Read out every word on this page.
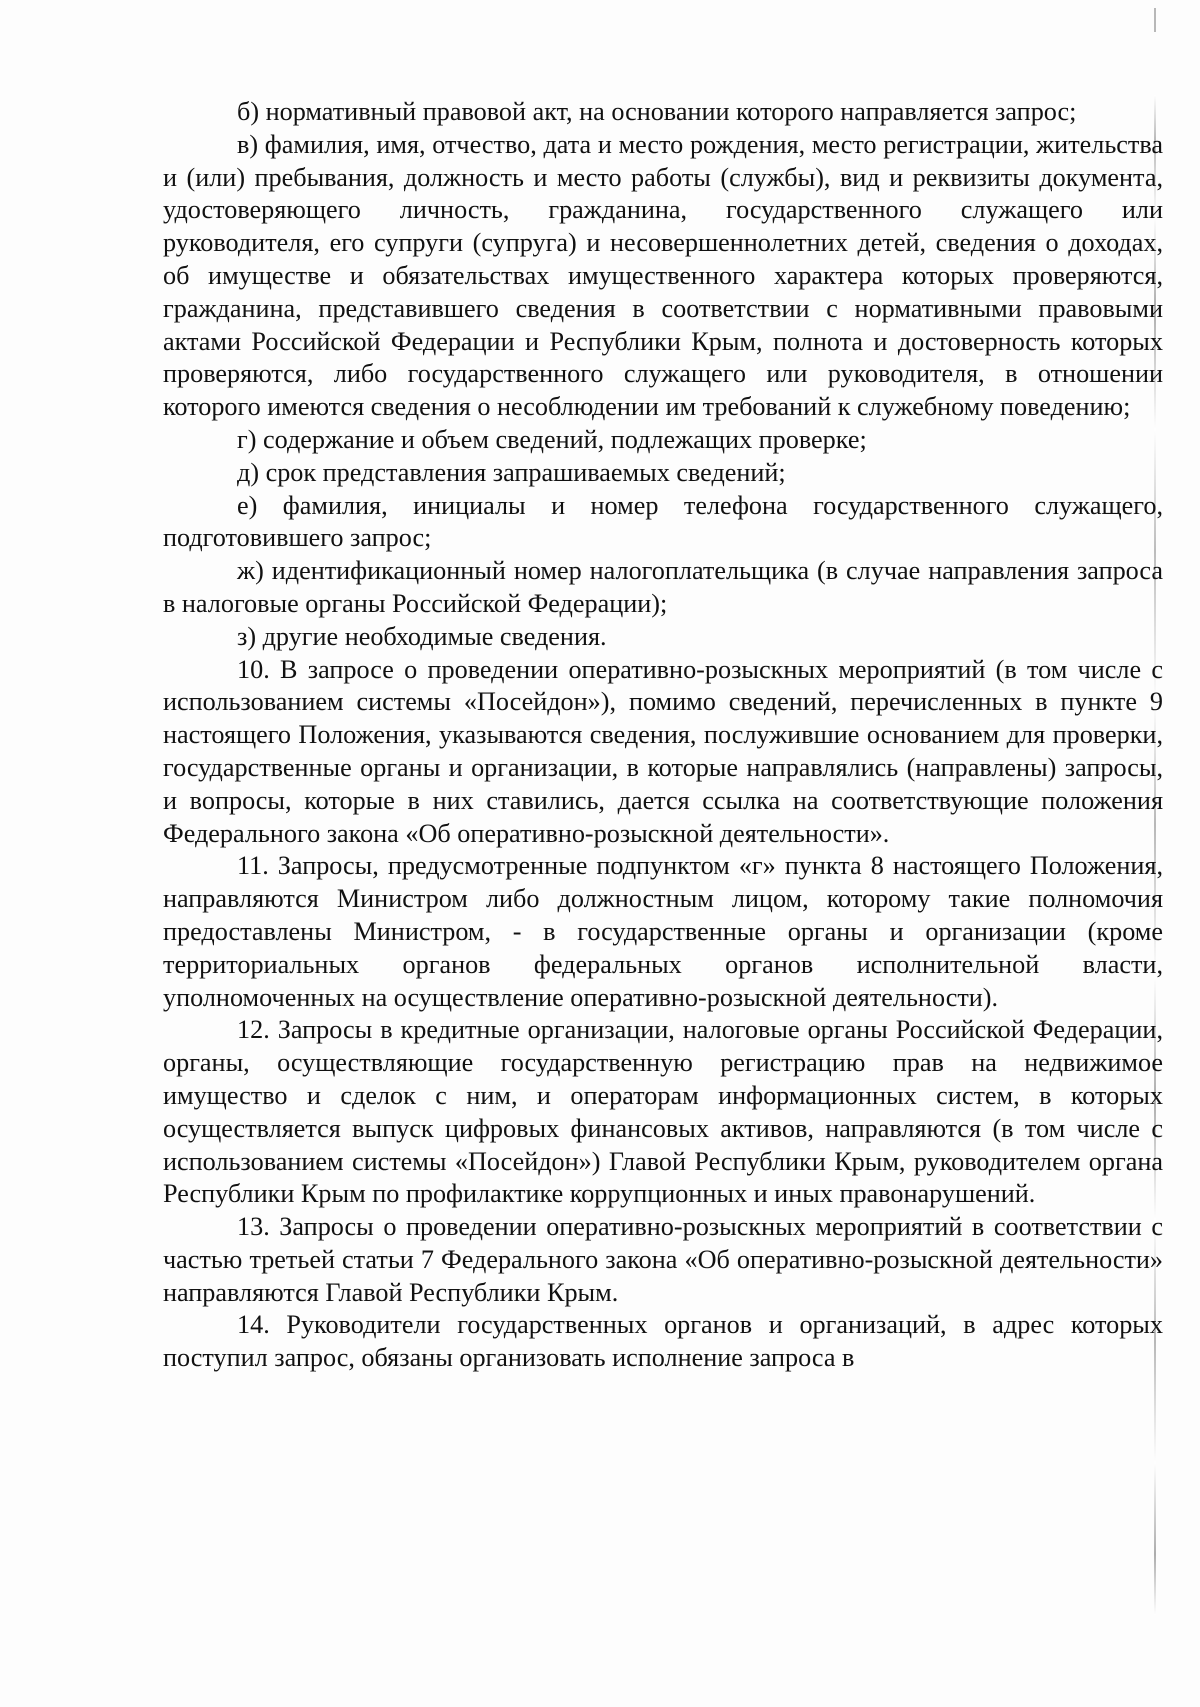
б) нормативный правовой акт, на основании которого направляется запрос;

в) фамилия, имя, отчество, дата и место рождения, место регистрации, жительства и (или) пребывания, должность и место работы (службы), вид и реквизиты документа, удостоверяющего личность, гражданина, государственного служащего или руководителя, его супруги (супруга) и несовершеннолетних детей, сведения о доходах, об имуществе и обязательствах имущественного характера которых проверяются, гражданина, представившего сведения в соответствии с нормативными правовыми актами Российской Федерации и Республики Крым, полнота и достоверность которых проверяются, либо государственного служащего или руководителя, в отношении которого имеются сведения о несоблюдении им требований к служебному поведению;

г) содержание и объем сведений, подлежащих проверке;

д) срок представления запрашиваемых сведений;

е) фамилия, инициалы и номер телефона государственного служащего, подготовившего запрос;

ж) идентификационный номер налогоплательщика (в случае направления запроса в налоговые органы Российской Федерации);

з) другие необходимые сведения.

10. В запросе о проведении оперативно-розыскных мероприятий (в том числе с использованием системы «Посейдон»), помимо сведений, перечисленных в пункте 9 настоящего Положения, указываются сведения, послужившие основанием для проверки, государственные органы и организации, в которые направлялись (направлены) запросы, и вопросы, которые в них ставились, дается ссылка на соответствующие положения Федерального закона «Об оперативно-розыскной деятельности».

11. Запросы, предусмотренные подпунктом «г» пункта 8 настоящего Положения, направляются Министром либо должностным лицом, которому такие полномочия предоставлены Министром, - в государственные органы и организации (кроме территориальных органов федеральных органов исполнительной власти, уполномоченных на осуществление оперативно-розыскной деятельности).

12. Запросы в кредитные организации, налоговые органы Российской Федерации, органы, осуществляющие государственную регистрацию прав на недвижимое имущество и сделок с ним, и операторам информационных систем, в которых осуществляется выпуск цифровых финансовых активов, направляются (в том числе с использованием системы «Посейдон») Главой Республики Крым, руководителем органа Республики Крым по профилактике коррупционных и иных правонарушений.

13. Запросы о проведении оперативно-розыскных мероприятий в соответствии с частью третьей статьи 7 Федерального закона «Об оперативно-розыскной деятельности» направляются Главой Республики Крым.

14. Руководители государственных органов и организаций, в адрес которых поступил запрос, обязаны организовать исполнение запроса в
